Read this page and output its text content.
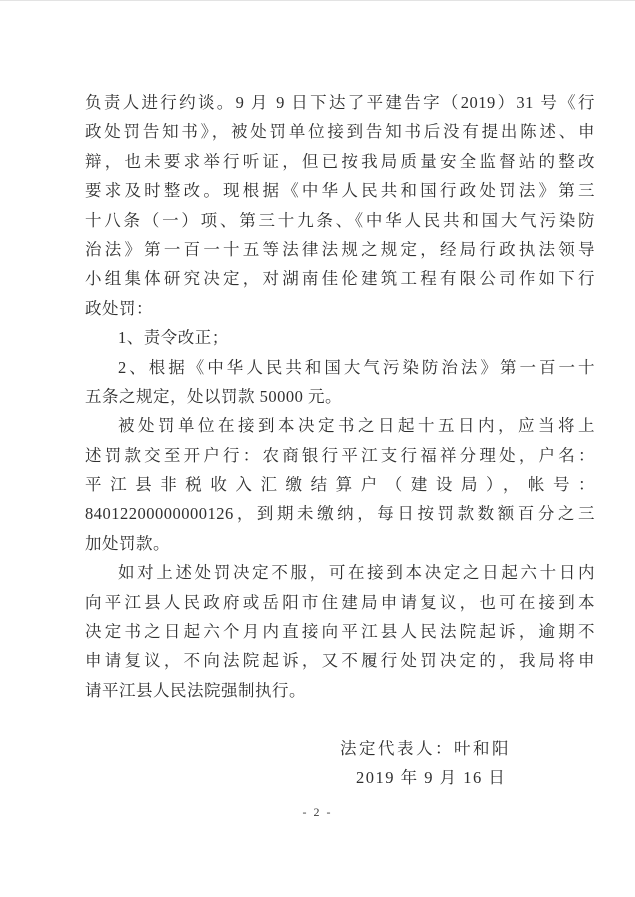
负责人进行约谈。9 月 9 日下达了平建告字（2019）31 号《行
政处罚告知书》，被处罚单位接到告知书后没有提出陈述、申
辩，也未要求举行听证，但已按我局质量安全监督站的整改
要求及时整改。现根据《中华人民共和国行政处罚法》第三
十八条（一）项、第三十九条、《中华人民共和国大气污染防
治法》第一百一十五等法律法规之规定，经局行政执法领导
小组集体研究决定，对湖南佳伦建筑工程有限公司作如下行
政处罚：
1、责令改正；
2、根据《中华人民共和国大气污染防治法》第一百一十
五条之规定，处以罚款 50000 元。
被处罚单位在接到本决定书之日起十五日内，应当将上
述罚款交至开户行：农商银行平江支行福祥分理处，户名：
平江县非税收入汇缴结算户（建设局），帐号：
84012200000000126，到期未缴纳，每日按罚款数额百分之三
加处罚款。
如对上述处罚决定不服，可在接到本决定之日起六十日内
向平江县人民政府或岳阳市住建局申请复议，也可在接到本
决定书之日起六个月内直接向平江县人民法院起诉，逾期不
申请复议，不向法院起诉，又不履行处罚决定的，我局将申
请平江县人民法院强制执行。
法定代表人：叶和阳
2019 年 9 月 16 日
- 2 -
